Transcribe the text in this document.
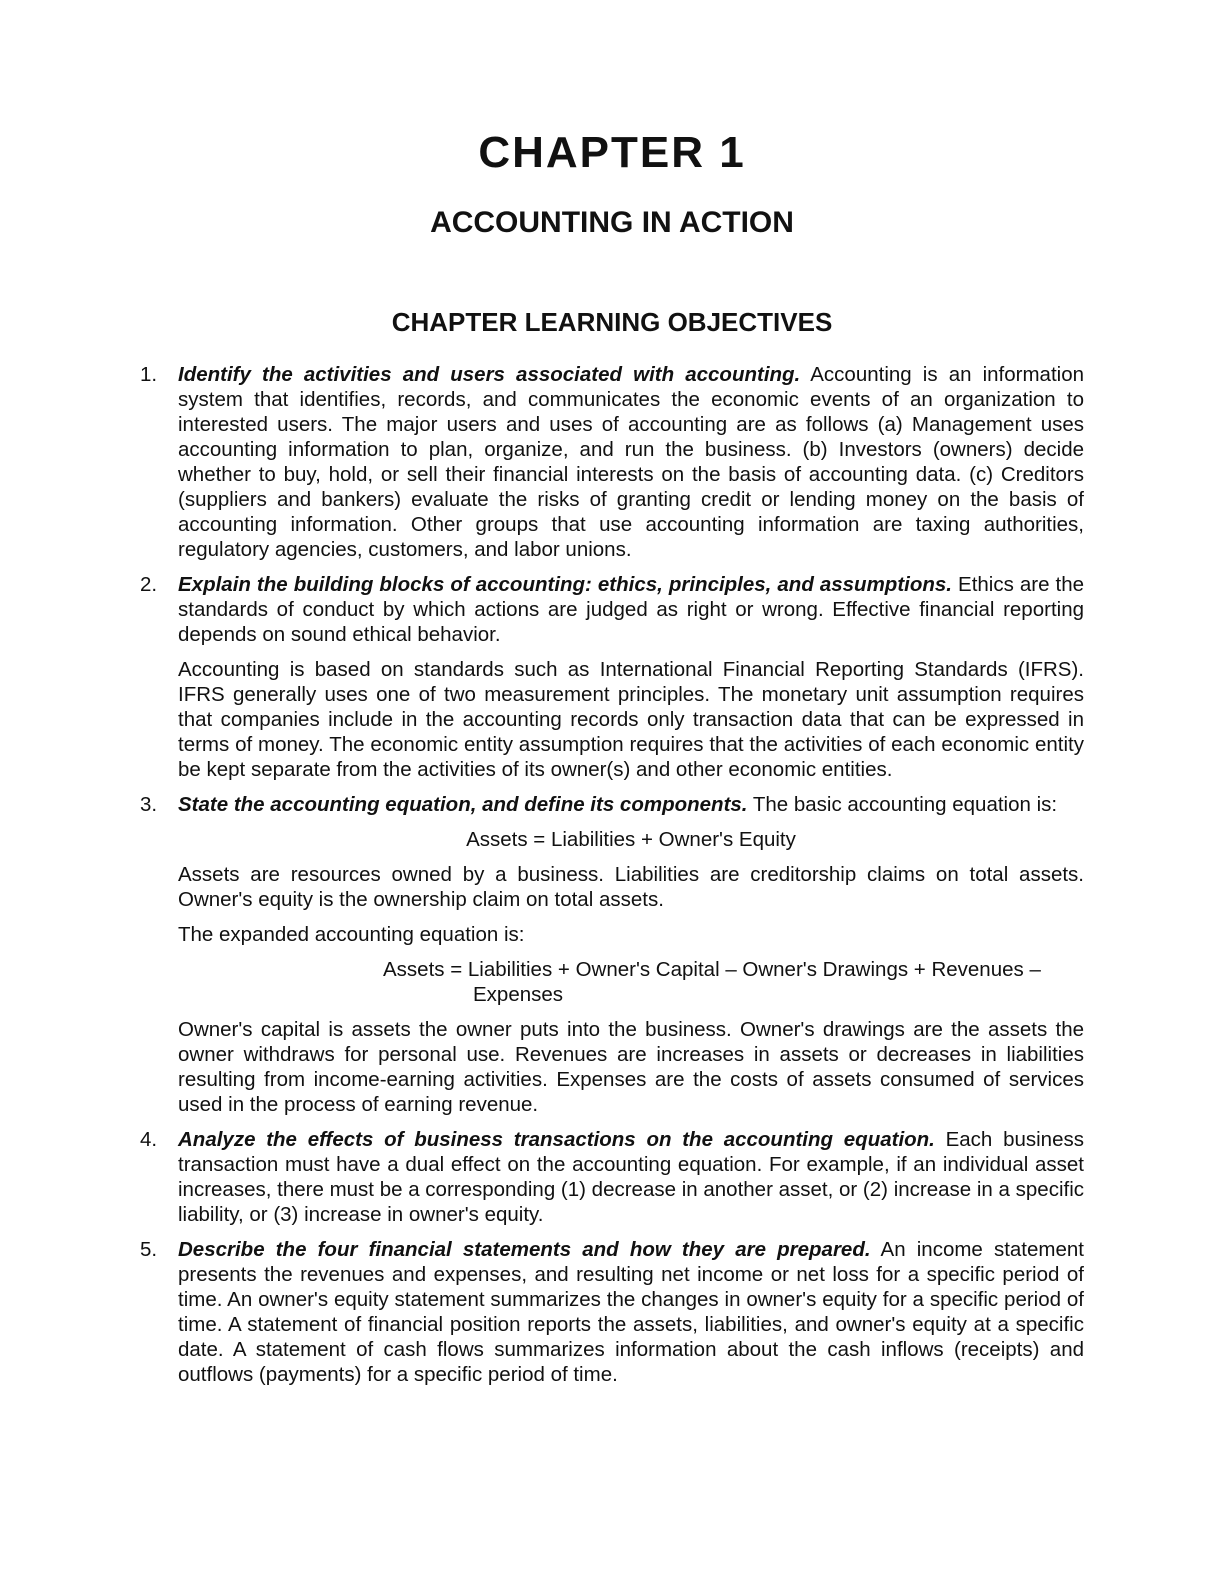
CHAPTER 1
ACCOUNTING IN ACTION
CHAPTER LEARNING OBJECTIVES
1. Identify the activities and users associated with accounting. Accounting is an information system that identifies, records, and communicates the economic events of an organization to interested users. The major users and uses of accounting are as follows (a) Management uses accounting information to plan, organize, and run the business. (b) Investors (owners) decide whether to buy, hold, or sell their financial interests on the basis of accounting data. (c) Creditors (suppliers and bankers) evaluate the risks of granting credit or lending money on the basis of accounting information. Other groups that use accounting information are taxing authorities, regulatory agencies, customers, and labor unions.

2. Explain the building blocks of accounting: ethics, principles, and assumptions. Ethics are the standards of conduct by which actions are judged as right or wrong. Effective financial reporting depends on sound ethical behavior.

Accounting is based on standards such as International Financial Reporting Standards (IFRS). IFRS generally uses one of two measurement principles. The monetary unit assumption requires that companies include in the accounting records only transaction data that can be expressed in terms of money. The economic entity assumption requires that the activities of each economic entity be kept separate from the activities of its owner(s) and other economic entities.

3. State the accounting equation, and define its components. The basic accounting equation is:

Assets = Liabilities + Owner's Equity

Assets are resources owned by a business. Liabilities are creditorship claims on total assets. Owner's equity is the ownership claim on total assets.

The expanded accounting equation is:

Assets = Liabilities + Owner's Capital – Owner's Drawings + Revenues –
Expenses

Owner's capital is assets the owner puts into the business. Owner's drawings are the assets the owner withdraws for personal use. Revenues are increases in assets or decreases in liabilities resulting from income-earning activities. Expenses are the costs of assets consumed of services used in the process of earning revenue.

4. Analyze the effects of business transactions on the accounting equation. Each business transaction must have a dual effect on the accounting equation. For example, if an individual asset increases, there must be a corresponding (1) decrease in another asset, or (2) increase in a specific liability, or (3) increase in owner's equity.

5. Describe the four financial statements and how they are prepared. An income statement presents the revenues and expenses, and resulting net income or net loss for a specific period of time. An owner's equity statement summarizes the changes in owner's equity for a specific period of time. A statement of financial position reports the assets, liabilities, and owner's equity at a specific date. A statement of cash flows summarizes information about the cash inflows (receipts) and outflows (payments) for a specific period of time.
